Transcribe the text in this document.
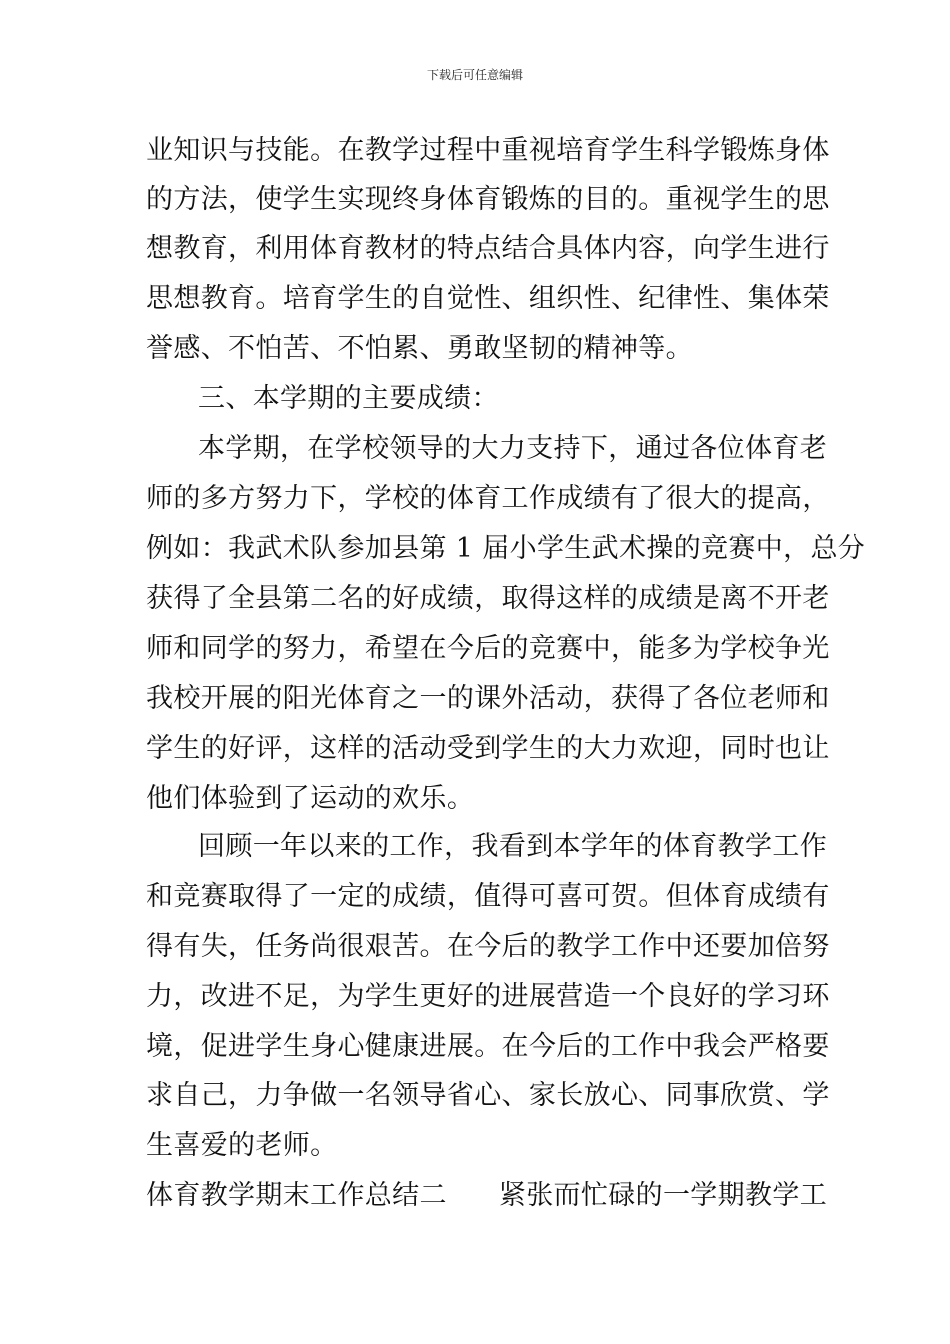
下载后可任意编辑
业知识与技能。在教学过程中重视培育学生科学锻炼身体
的方法，使学生实现终身体育锻炼的目的。重视学生的思
想教育，利用体育教材的特点结合具体内容，向学生进行
思想教育。培育学生的自觉性、组织性、纪律性、集体荣
誉感、不怕苦、不怕累、勇敢坚韧的精神等。
三、本学期的主要成绩：
本学期，在学校领导的大力支持下，通过各位体育老
师的多方努力下，学校的体育工作成绩有了很大的提高，
例如：我武术队参加县第 1 届小学生武术操的竞赛中，总分
获得了全县第二名的好成绩，取得这样的成绩是离不开老
师和同学的努力，希望在今后的竞赛中，能多为学校争光
我校开展的阳光体育之一的课外活动，获得了各位老师和
学生的好评，这样的活动受到学生的大力欢迎，同时也让
他们体验到了运动的欢乐。
回顾一年以来的工作，我看到本学年的体育教学工作
和竞赛取得了一定的成绩，值得可喜可贺。但体育成绩有
得有失，任务尚很艰苦。在今后的教学工作中还要加倍努
力，改进不足，为学生更好的进展营造一个良好的学习环
境，促进学生身心健康进展。在今后的工作中我会严格要
求自己，力争做一名领导省心、家长放心、同事欣赏、学
生喜爱的老师。
体育教学期末工作总结二 紧张而忙碌的一学期教学工
